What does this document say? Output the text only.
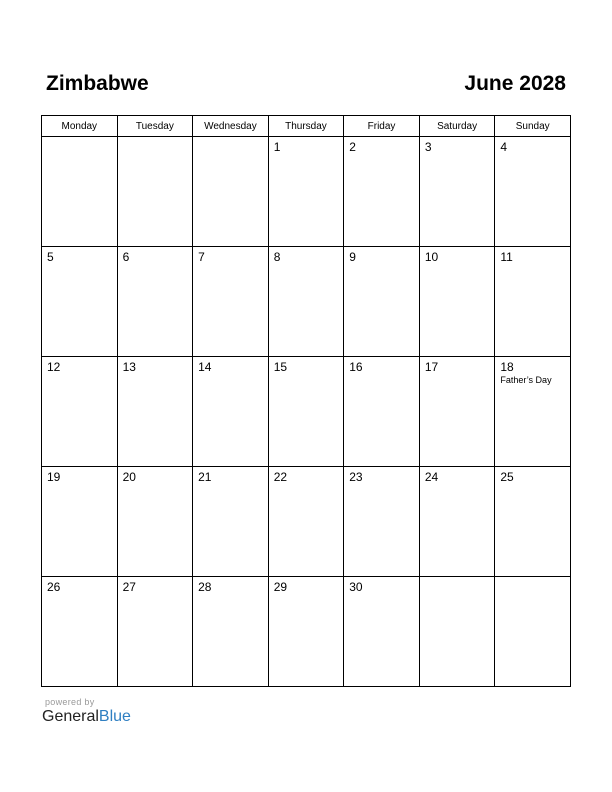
Zimbabwe	June 2028
Monday	Tuesday	Wednesday	Thursday	Friday	Saturday	Sunday

			1	2	3	4

5	6	7	8	9	10	11

12	13	14	15	16	17	18
Father’s Day

19	20	21	22	23	24	25

26	27	28	29	30		

powered by
GeneralBlue
